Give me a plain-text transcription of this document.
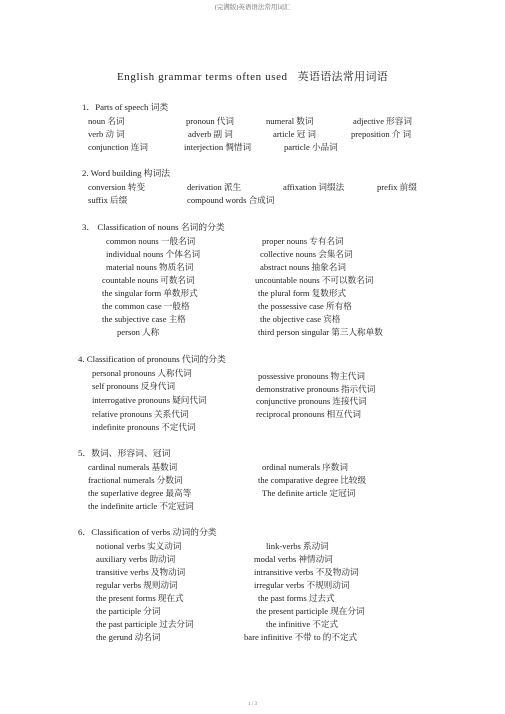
(完满版)英语语法常用词汇
English grammar terms often used 英语语法常用词语
1．Parts of speech 词类
noun 名词	pronoun 代词	numeral 数词	adjective 形容词
verb 动 词	adverb 副 词	article 冠 词	preposition 介 词
conjunction 连词	interjection 惆惜词	particle 小品词
2. Word building 构词法
conversion 转变	derivation 派生	affixation 词缀法	prefix 前缀
suffix 后缀	compound words 合成词
3． Classification of nouns 名词的分类
common nouns 一般名词	proper nouns 专有名词
individual nouns 个体名词	collective nouns 会集名词
material nouns 物质名词	abstract nouns 抽象名词
countable nouns 可数名词	uncountable nouns 不可以数名词
the singular form 单数形式	the plural form 复数形式
the common case 一般格	the possessive case 所有格
the subjective case 主格	the objective case 宾格
person 人称	third person singular 第三人称单数
4. Classification of pronouns 代词的分类
personal pronouns 人称代词	possessive pronouns 物主代词
self pronouns 反身代词	demonstrative pronouns 指示代词
interrogative pronouns 疑问代词	conjunctive pronouns 连接代词
relative pronouns 关系代词	reciprocal pronouns 相互代词
indefinite pronouns 不定代词
5．数词、形容词、冠词
cardinal numerals 基数词	ordinal numerals 序数词
fractional numerals 分数词	the comparative degree 比较级
the superlative degree 最高等	The definite article 定冠词
the indefinite article 不定冠词
6．Classification of verbs 动词的分类
notional verbs 实义动词	link-verbs 系动词
auxiliary verbs 助动词	modal verbs 神情动词
transitive verbs 及物动词	intransitive verbs 不及物动词
regular verbs 规则动词	irregular verbs 不规则动词
the present forms 现在式	the past forms 过去式
the participle 分词	the present participle 现在分词
the past participle 过去分词	the infinitive 不定式
the gerund 动名词	bare infinitive 不带 to 的不定式
1 / 3
